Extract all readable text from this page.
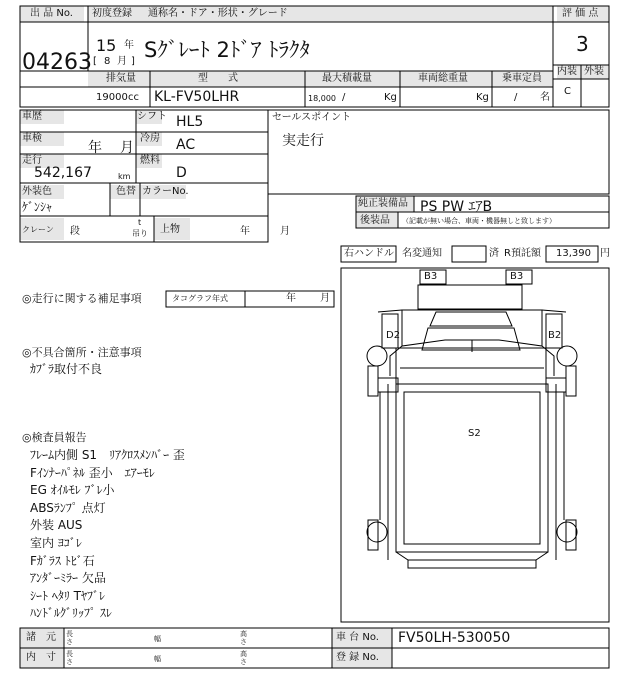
出 品 No.
04263
初度登録 通称名・ドア・形状・グレード
15 年
[ 8 月 ] Sｸﾞﾚｰﾄ 2ﾄﾞｱ ﾄﾗｸﾀ
評 価 点
3
内装 外装
C
排気量
19000 cc
型　　式
KL-FV50LHR
最大積載量
18,000 /	Kg
車両総重量
Kg
乗車定員
/ 名
車歴	シフト HL5
車検
年 月
冷房 AC
走行
542,167	km
燃料
D
外装色
ｹﾞﾝｼｬ
色替 カラーNo.
クレーン 段
t
吊り 上物	年	月
セールスポイント
実走行
純正装備品 PS PW ｴｱB
後装品 （記載が無い場合、車両・機器無しと致します）
右ハンドル 名変通知	済 R預託額 13,390 円
◎走行に関する補足事項	タコグラフ年式	年 月
◎不具合箇所・注意事項
ｶﾌﾞﾗ取付不良
◎検査員報告
ﾌﾚｰﾑ内側 S1　ﾘｱｸﾛｽﾒﾝﾊﾞｰ 歪
Fｲﾝﾅｰﾊﾟﾈﾙ 歪小　ｴｱｰﾓﾚ
EG ｵｲﾙﾓﾚ ﾌﾞﾚ小
ABSﾗﾝﾌﾟ 点灯
外装 AUS
室内 ﾖｺﾞﾚ
Fｶﾞﾗｽ ﾄﾋﾞ石
ｱﾝﾀﾞｰﾐﾗｰ 欠品
ｼｰﾄ ﾍﾀﾘ Tﾔﾌﾞﾚ
ﾊﾝﾄﾞﾙｸﾞﾘｯﾌﾟ ｽﾚ
B3	B3
D2	B2
S2
諸　元
内　寸
長さ	幅
高さ
長さ	幅
高さ
車 台 No. FV50LH-530050
登 録 No.
